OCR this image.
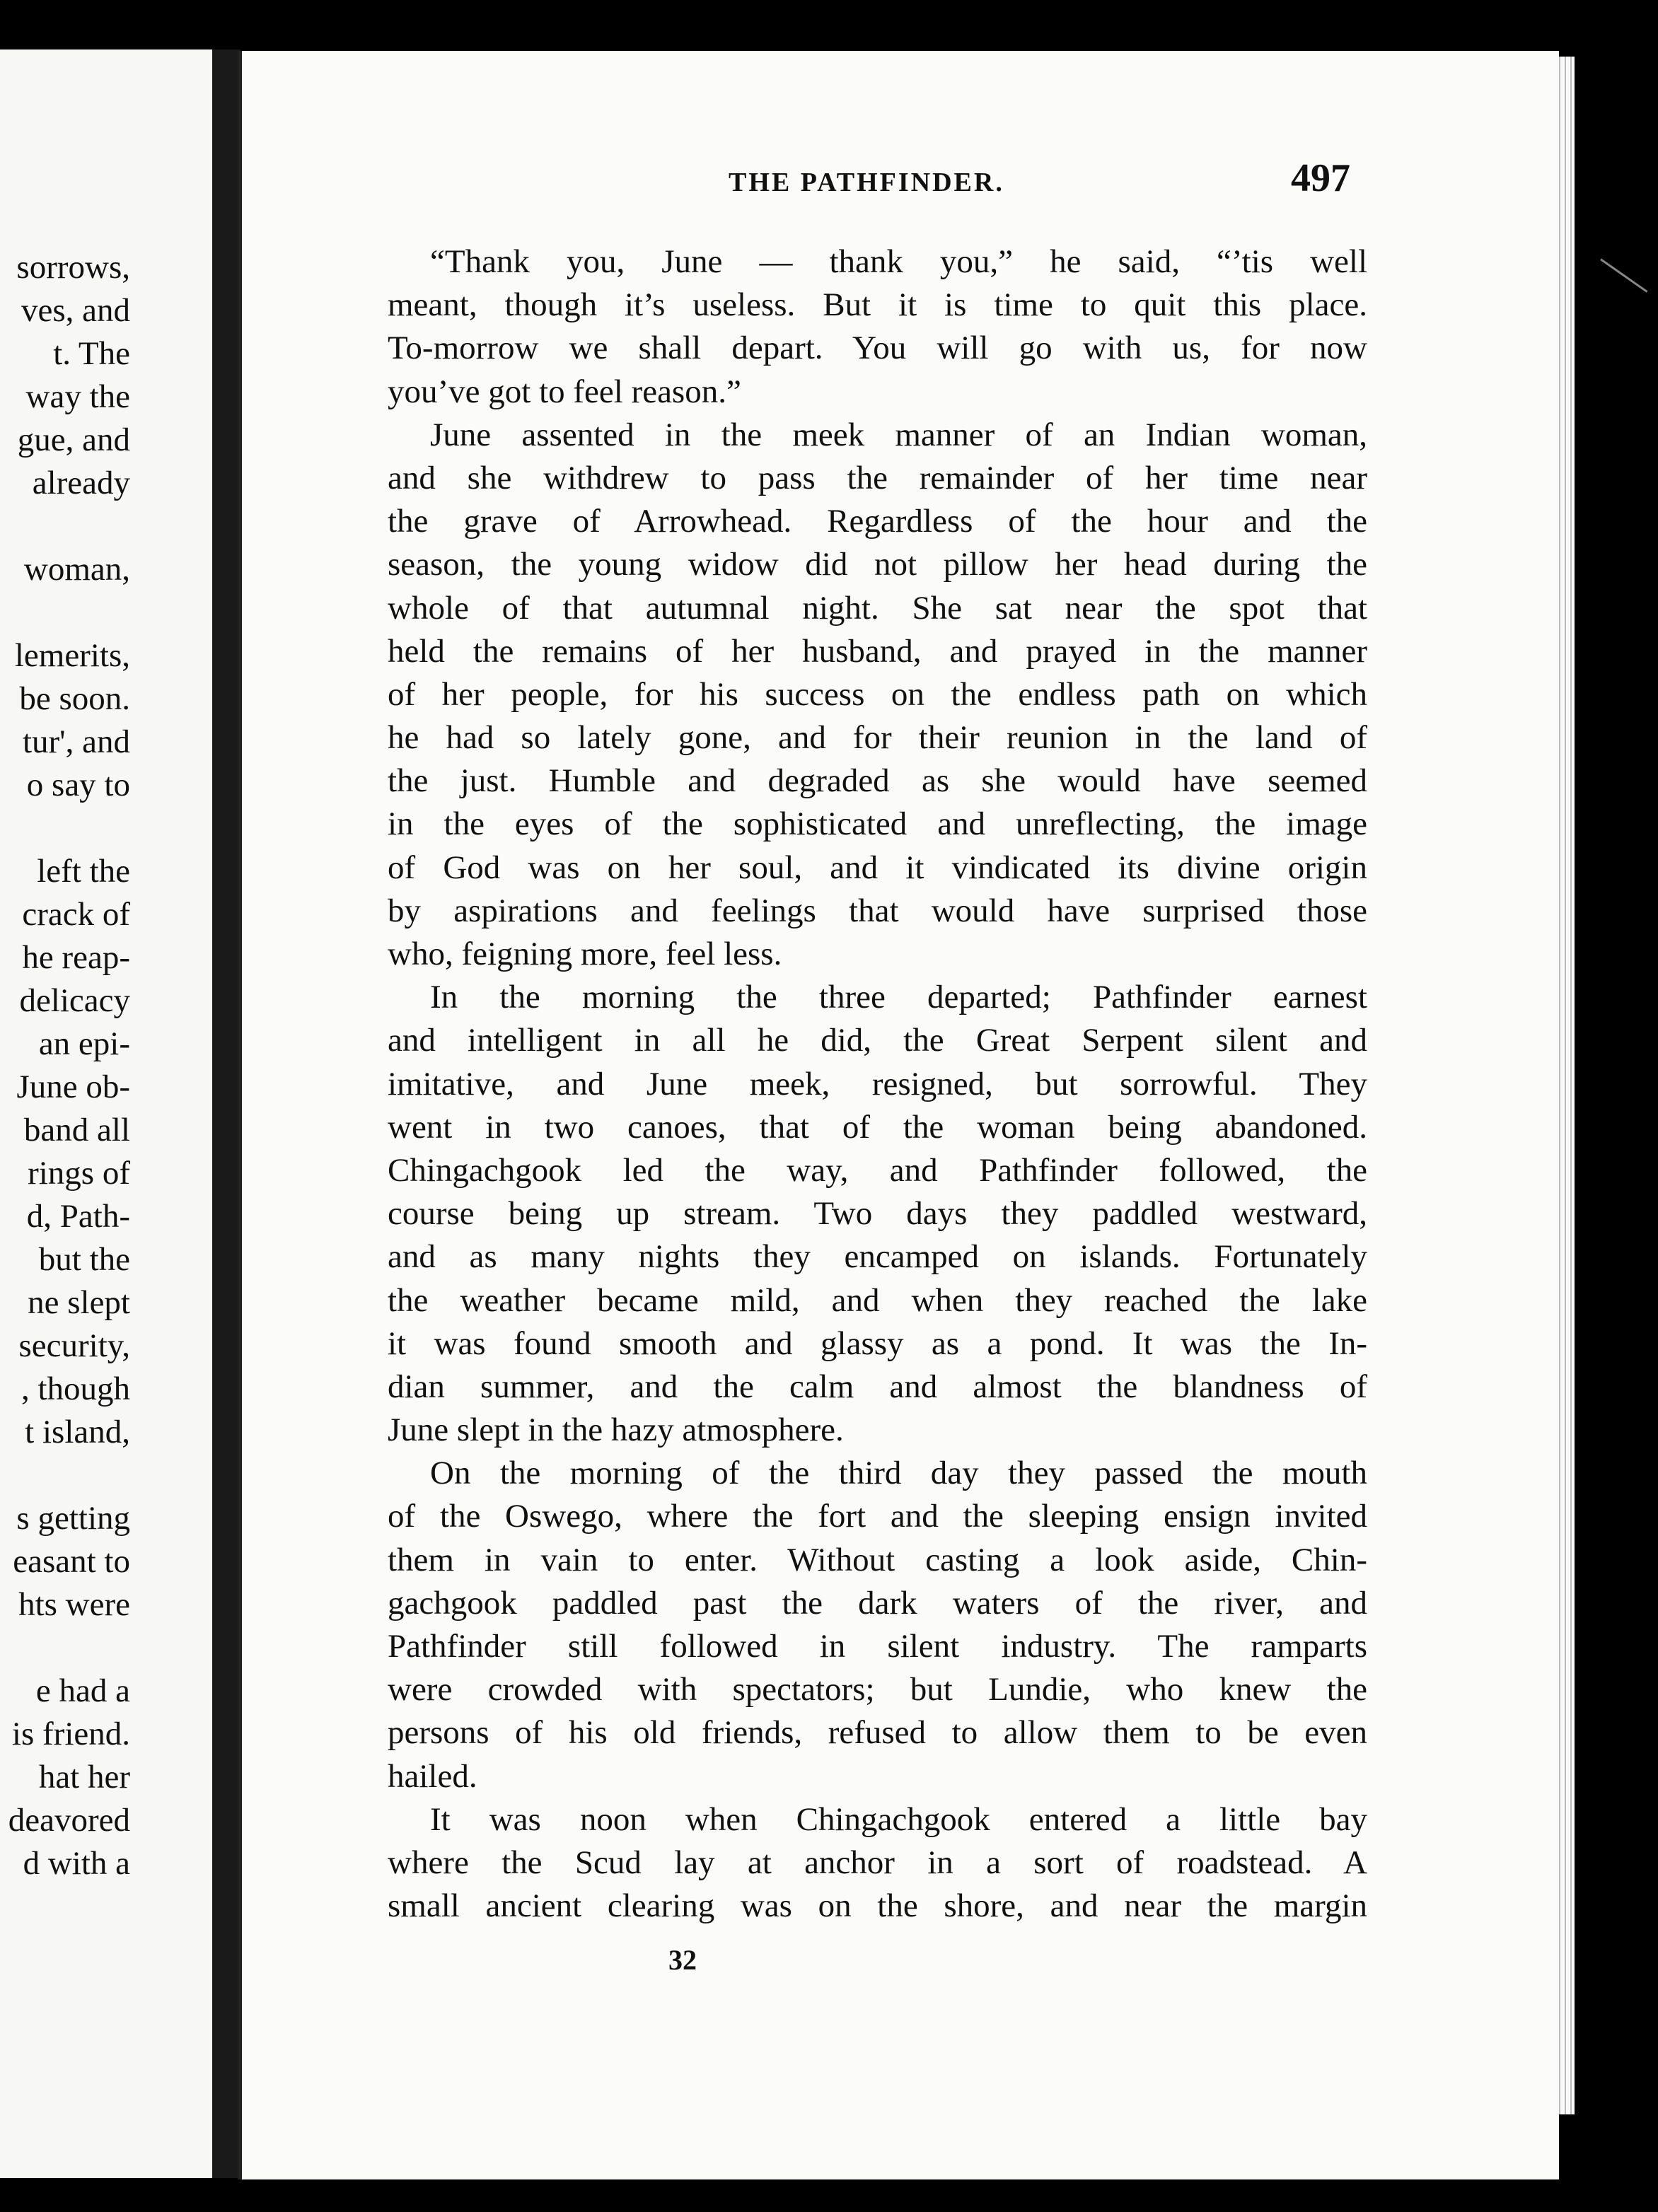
sorrows,
ves, and
t. The
way the
gue, and
already
woman,
lemerits,
be soon.
tur', and
o say to
left the
crack of
he reap-
delicacy
an epi-
June ob-
band all
rings of
d, Path-
but the
ne slept
security,
, though
t island,
s getting
easant to
hts were
e had a
is friend.
hat her
deavored
d with a
THE PATHFINDER.	497
“Thank you, June — thank you,” he said, “’tis well
meant, though it’s useless. But it is time to quit this place.
To-morrow we shall depart. You will go with us, for now
you’ve got to feel reason.”
June assented in the meek manner of an Indian woman,
and she withdrew to pass the remainder of her time near
the grave of Arrowhead. Regardless of the hour and the
season, the young widow did not pillow her head during the
whole of that autumnal night. She sat near the spot that
held the remains of her husband, and prayed in the manner
of her people, for his success on the endless path on which
he had so lately gone, and for their reunion in the land of
the just. Humble and degraded as she would have seemed
in the eyes of the sophisticated and unreflecting, the image
of God was on her soul, and it vindicated its divine origin
by aspirations and feelings that would have surprised those
who, feigning more, feel less.
In the morning the three departed; Pathfinder earnest
and intelligent in all he did, the Great Serpent silent and
imitative, and June meek, resigned, but sorrowful. They
went in two canoes, that of the woman being abandoned.
Chingachgook led the way, and Pathfinder followed, the
course being up stream. Two days they paddled westward,
and as many nights they encamped on islands. Fortunately
the weather became mild, and when they reached the lake
it was found smooth and glassy as a pond. It was the In-
dian summer, and the calm and almost the blandness of
June slept in the hazy atmosphere.
On the morning of the third day they passed the mouth
of the Oswego, where the fort and the sleeping ensign invited
them in vain to enter. Without casting a look aside, Chin-
gachgook paddled past the dark waters of the river, and
Pathfinder still followed in silent industry. The ramparts
were crowded with spectators; but Lundie, who knew the
persons of his old friends, refused to allow them to be even
hailed.
It was noon when Chingachgook entered a little bay
where the Scud lay at anchor in a sort of roadstead. A
small ancient clearing was on the shore, and near the margin
32
